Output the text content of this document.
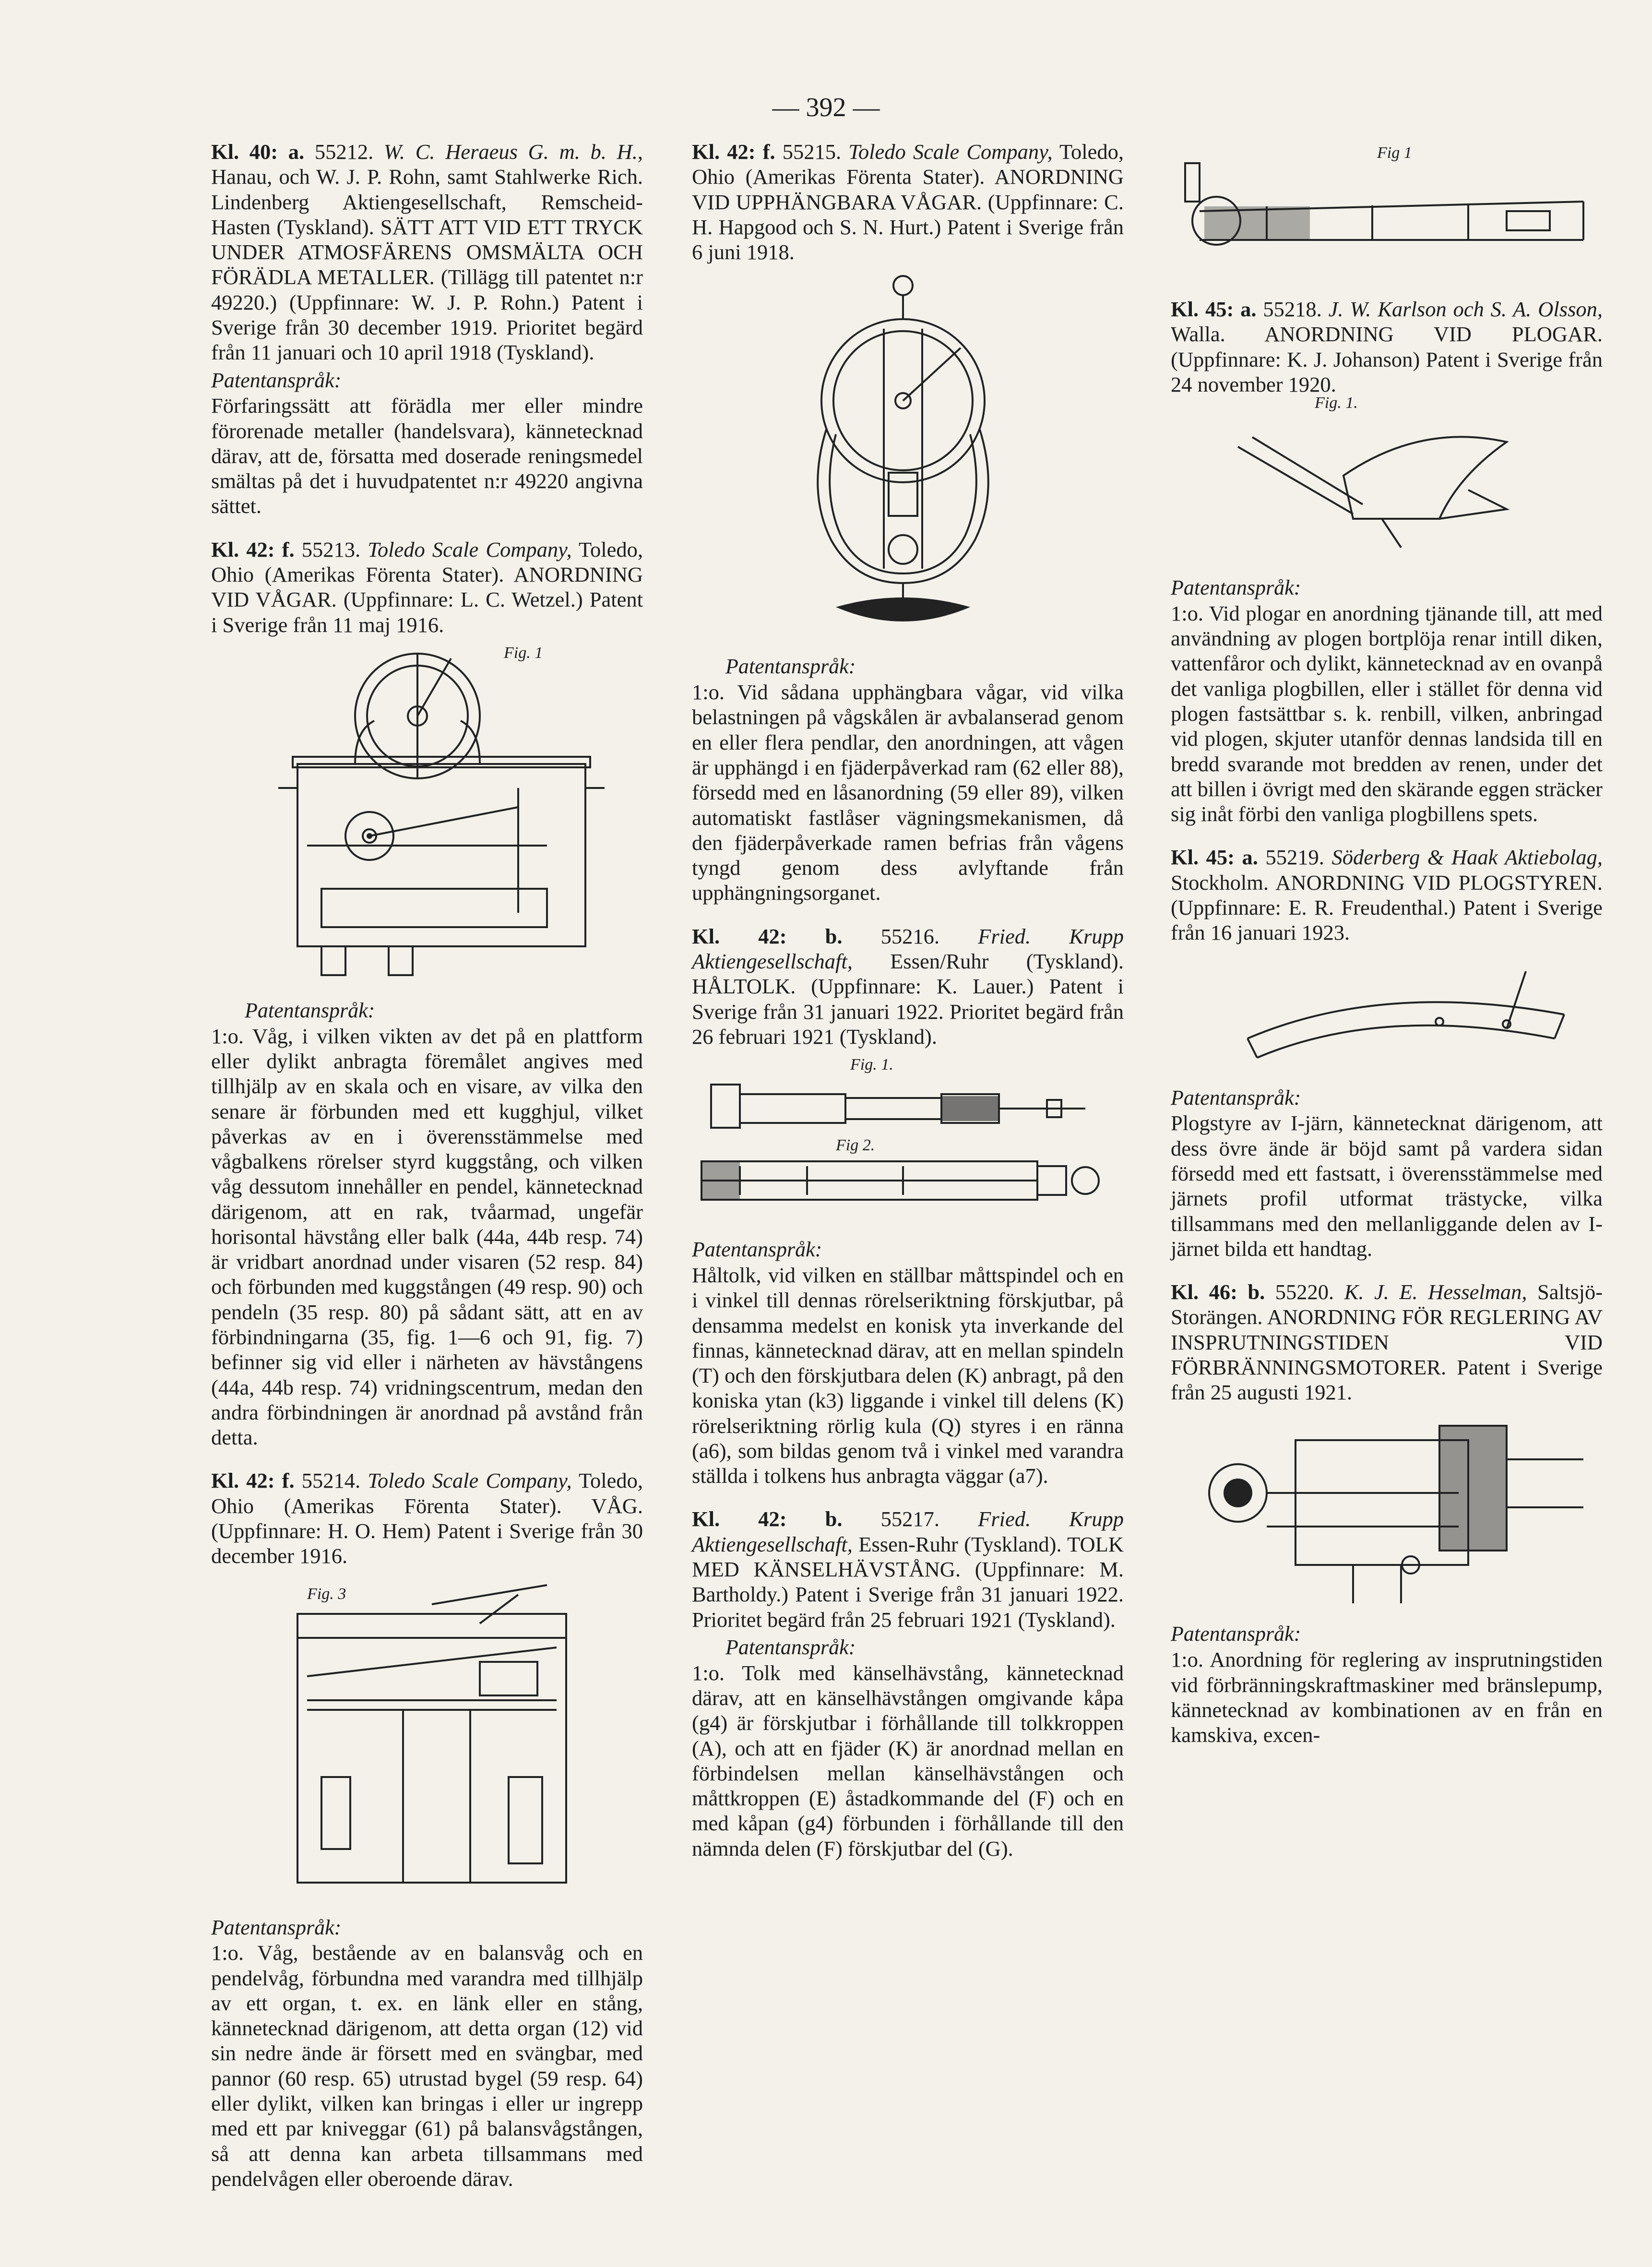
— 392 —

Kl. 40: a. 55212. W. C. Heraeus G. m. b. H., Hanau, och W. J. P. Rohn, samt Stahlwerke Rich. Lindenberg Aktiengesellschaft, Remscheid-Hasten (Tyskland). SÄTT ATT VID ETT TRYCK UNDER ATMOSFÄRENS OMSMÄLTA OCH FÖRÄDLA METALLER. (Tillägg till patentet n:r 49220.) (Uppfinnare: W. J. P. Rohn.) Patent i Sverige från 30 december 1919. Prioritet begärd från 11 januari och 10 april 1918 (Tyskland).

Patentanspråk:

Förfaringssätt att förädla mer eller mindre förorenade metaller (handelsvara), kännetecknad därav, att de, försatta med doserade reningsmedel smältas på det i huvudpatentet n:r 49220 angivna sättet.

Kl. 42: f. 55213. Toledo Scale Company, Toledo, Ohio (Amerikas Förenta Stater). ANORDNING VID VÅGAR. (Uppfinnare: L. C. Wetzel.) Patent i Sverige från 11 maj 1916.

Fig. 1
Patentanspråk:

1:o. Våg, i vilken vikten av det på en plattform eller dylikt anbragta föremålet angives med tillhjälp av en skala och en visare, av vilka den senare är förbunden med ett kugghjul, vilket påverkas av en i överensstämmelse med vågbalkens rörelser styrd kuggstång, och vilken våg dessutom innehåller en pendel, kännetecknad därigenom, att en rak, tvåarmad, ungefär horisontal hävstång eller balk (44a, 44b resp. 74) är vridbart anordnad under visaren (52 resp. 84) och förbunden med kuggstången (49 resp. 90) och pendeln (35 resp. 80) på sådant sätt, att en av förbindningarna (35, fig. 1—6 och 91, fig. 7) befinner sig vid eller i närheten av hävstångens (44a, 44b resp. 74) vridningscentrum, medan den andra förbindningen är anordnad på avstånd från detta.

Kl. 42: f. 55214. Toledo Scale Company, Toledo, Ohio (Amerikas Förenta Stater). VÅG. (Uppfinnare: H. O. Hem) Patent i Sverige från 30 december 1916.

Fig. 3
Patentanspråk:

1:o. Våg, bestående av en balansvåg och en pendelvåg, förbundna med varandra med tillhjälp av ett organ, t. ex. en länk eller en stång, kännetecknad därigenom, att detta organ (12) vid sin nedre ände är försett med en svängbar, med pannor (60 resp. 65) utrustad bygel (59 resp. 64) eller dylikt, vilken kan bringas i eller ur ingrepp med ett par kniveggar (61) på balansvågstången, så att denna kan arbeta tillsammans med pendelvågen eller oberoende därav.

Kl. 42: f. 55215. Toledo Scale Company, Toledo, Ohio (Amerikas Förenta Stater). ANORDNING VID UPPHÄNGBARA VÅGAR. (Uppfinnare: C. H. Hapgood och S. N. Hurt.) Patent i Sverige från 6 juni 1918.

Patentanspråk:

1:o. Vid sådana upphängbara vågar, vid vilka belastningen på vågskålen är avbalanserad genom en eller flera pendlar, den anordningen, att vågen är upphängd i en fjäderpåverkad ram (62 eller 88), försedd med en låsanordning (59 eller 89), vilken automatiskt fastlåser vägningsmekanismen, då den fjäderpåverkade ramen befrias från vågens tyngd genom dess avlyftande från upphängningsorganet.

Kl. 42: b. 55216. Fried. Krupp Aktiengesellschaft, Essen/Ruhr (Tyskland). HÅLTOLK. (Uppfinnare: K. Lauer.) Patent i Sverige från 31 januari 1922. Prioritet begärd från 26 februari 1921 (Tyskland).

Fig. 1.
Fig 2.
Patentanspråk:

Håltolk, vid vilken en ställbar måttspindel och en i vinkel till dennas rörelseriktning förskjutbar, på densamma medelst en konisk yta inverkande del finnas, kännetecknad därav, att en mellan spindeln (T) och den förskjutbara delen (K) anbragt, på den koniska ytan (k3) liggande i vinkel till delens (K) rörelseriktning rörlig kula (Q) styres i en ränna (a6), som bildas genom två i vinkel med varandra ställda i tolkens hus anbragta väggar (a7).

Kl. 42: b. 55217. Fried. Krupp Aktiengesellschaft, Essen-Ruhr (Tyskland). TOLK MED KÄNSELHÄVSTÅNG. (Uppfinnare: M. Bartholdy.) Patent i Sverige från 31 januari 1922. Prioritet begärd från 25 februari 1921 (Tyskland).

Patentanspråk:

1:o. Tolk med känselhävstång, kännetecknad därav, att en känselhävstången omgivande kåpa (g4) är förskjutbar i förhållande till tolkkroppen (A), och att en fjäder (K) är anordnad mellan en förbindelsen mellan känselhävstången och måttkroppen (E) åstadkommande del (F) och en med kåpan (g4) förbunden i förhållande till den nämnda delen (F) förskjutbar del (G).

Fig 1

Kl. 45: a. 55218. J. W. Karlson och S. A. Olsson, Walla. ANORDNING VID PLOGAR. (Uppfinnare: K. J. Johanson) Patent i Sverige från 24 november 1920.

Fig. 1.
Patentanspråk:

1:o. Vid plogar en anordning tjänande till, att med användning av plogen bortplöja renar intill diken, vattenfåror och dylikt, kännetecknad av en ovanpå det vanliga plogbillen, eller i stället för denna vid plogen fastsättbar s. k. renbill, vilken, anbringad vid plogen, skjuter utanför dennas landsida till en bredd svarande mot bredden av renen, under det att billen i övrigt med den skärande eggen sträcker sig inåt förbi den vanliga plogbillens spets.

Kl. 45: a. 55219. Söderberg & Haak Aktiebolag, Stockholm. ANORDNING VID PLOGSTYREN. (Uppfinnare: E. R. Freudenthal.) Patent i Sverige från 16 januari 1923.

Patentanspråk:

Plogstyre av I-järn, kännetecknat därigenom, att dess övre ände är böjd samt på vardera sidan försedd med ett fastsatt, i överensstämmelse med järnets profil utformat trästycke, vilka tillsammans med den mellanliggande delen av I-järnet bilda ett handtag.

Kl. 46: b. 55220. K. J. E. Hesselman, Saltsjö-Storängen. ANORDNING FÖR REGLERING AV INSPRUTNINGSTIDEN VID FÖRBRÄNNINGSMOTORER. Patent i Sverige från 25 augusti 1921.

Patentanspråk:

1:o. Anordning för reglering av insprutningstiden vid förbränningskraftmaskiner med bränslepump, kännetecknad av kombinationen av en från en kamskiva, excen-
